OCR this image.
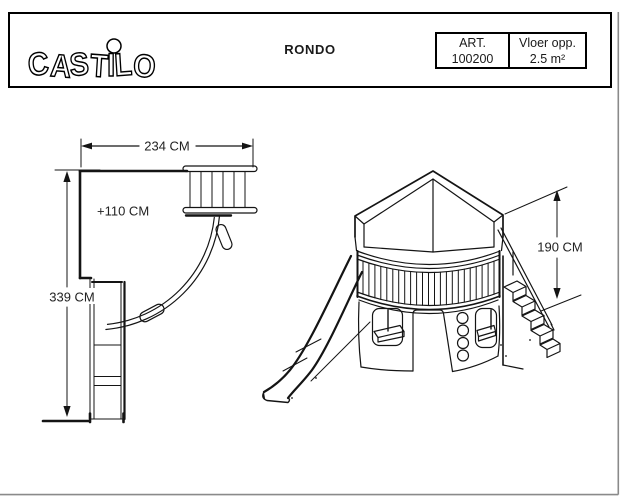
234 CM
+110 CM
339 CM
190 CM
CASTILO	RONDO	ART.
100200
Vloer opp.
2.5 m²
